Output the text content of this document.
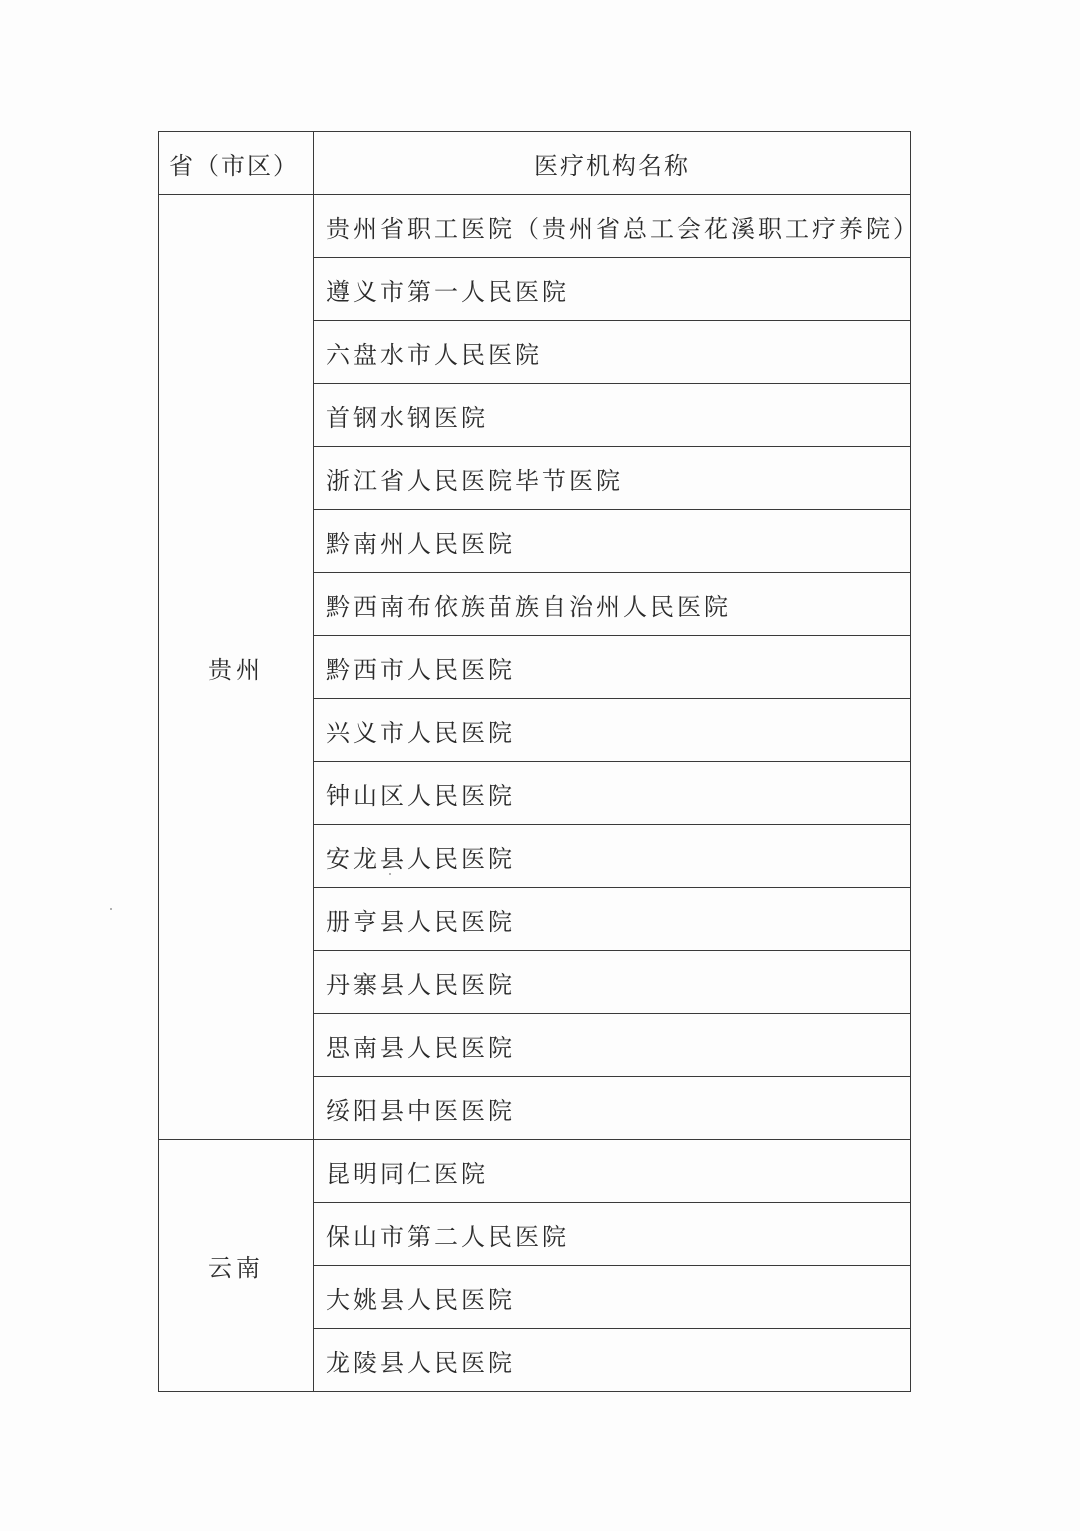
省（市区）	医疗机构名称
贵州	贵州省职工医院（贵州省总工会花溪职工疗养院）
	遵义市第一人民医院
	六盘水市人民医院
	首钢水钢医院
	浙江省人民医院毕节医院
	黔南州人民医院
	黔西南布依族苗族自治州人民医院
	黔西市人民医院
	兴义市人民医院
	钟山区人民医院
	安龙县人民医院
	册亨县人民医院
	丹寨县人民医院
	思南县人民医院
	绥阳县中医医院
云南	昆明同仁医院
	保山市第二人民医院
	大姚县人民医院
	龙陵县人民医院
